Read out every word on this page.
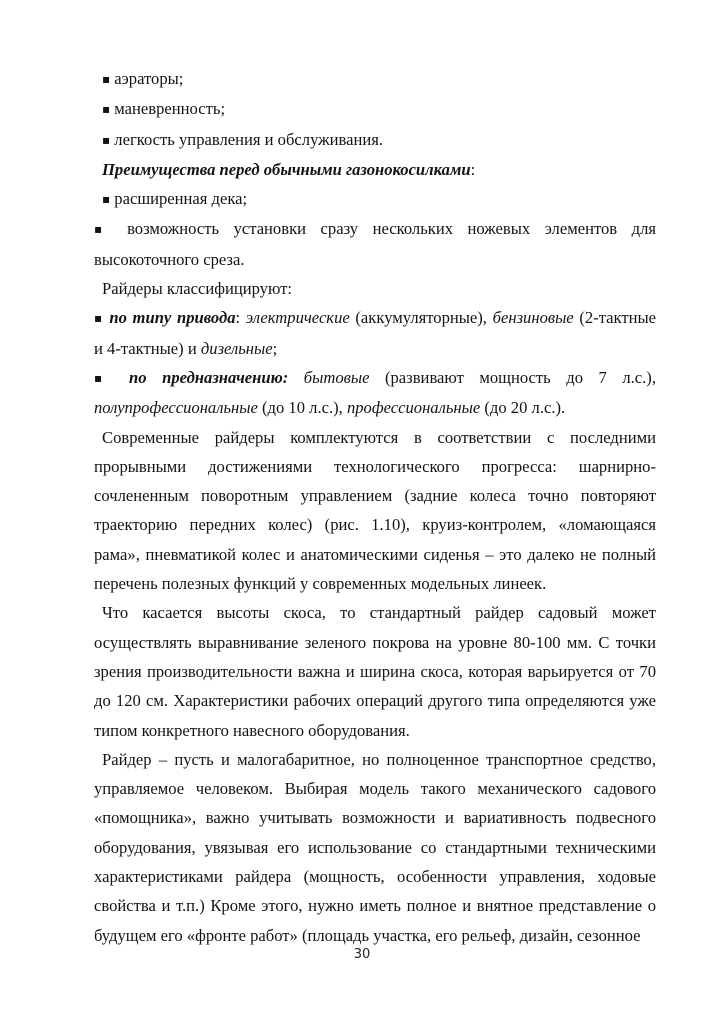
▪ аэраторы;

▪ маневренность;

▪ легкость управления и обслуживания.

Преимущества перед обычными газонокосилками:

▪ расширенная дека;

▪ возможность установки сразу нескольких ножевых элементов для высокоточного среза.

Райдеры классифицируют:

▪ по типу привода: электрические (аккумуляторные), бензиновые (2-тактные и 4-тактные) и дизельные;

▪ по предназначению: бытовые (развивают мощность до 7 л.с.), полупрофессиональные (до 10 л.с.), профессиональные (до 20 л.с.).

Современные райдеры комплектуются в соответствии с последними прорывными достижениями технологического прогресса: шарнирно-сочлененным поворотным управлением (задние колеса точно повторяют траекторию передних колес) (рис. 1.10), круиз-контролем, «ломающаяся рама», пневматикой колес и анатомическими сиденья – это далеко не полный перечень полезных функций у современных модельных линеек.

Что касается высоты скоса, то стандартный райдер садовый может осуществлять выравнивание зеленого покрова на уровне 80-100 мм. С точки зрения производительности важна и ширина скоса, которая варьируется от 70 до 120 см. Характеристики рабочих операций другого типа определяются уже типом конкретного навесного оборудования.

Райдер – пусть и малогабаритное, но полноценное транспортное средство, управляемое человеком. Выбирая модель такого механического садового «помощника», важно учитывать возможности и вариативность подвесного оборудования, увязывая его использование со стандартными техническими характеристиками райдера (мощность, особенности управления, ходовые свойства и т.п.) Кроме этого, нужно иметь полное и внятное представление о будущем его «фронте работ» (площадь участка, его рельеф, дизайн, сезонное

30
